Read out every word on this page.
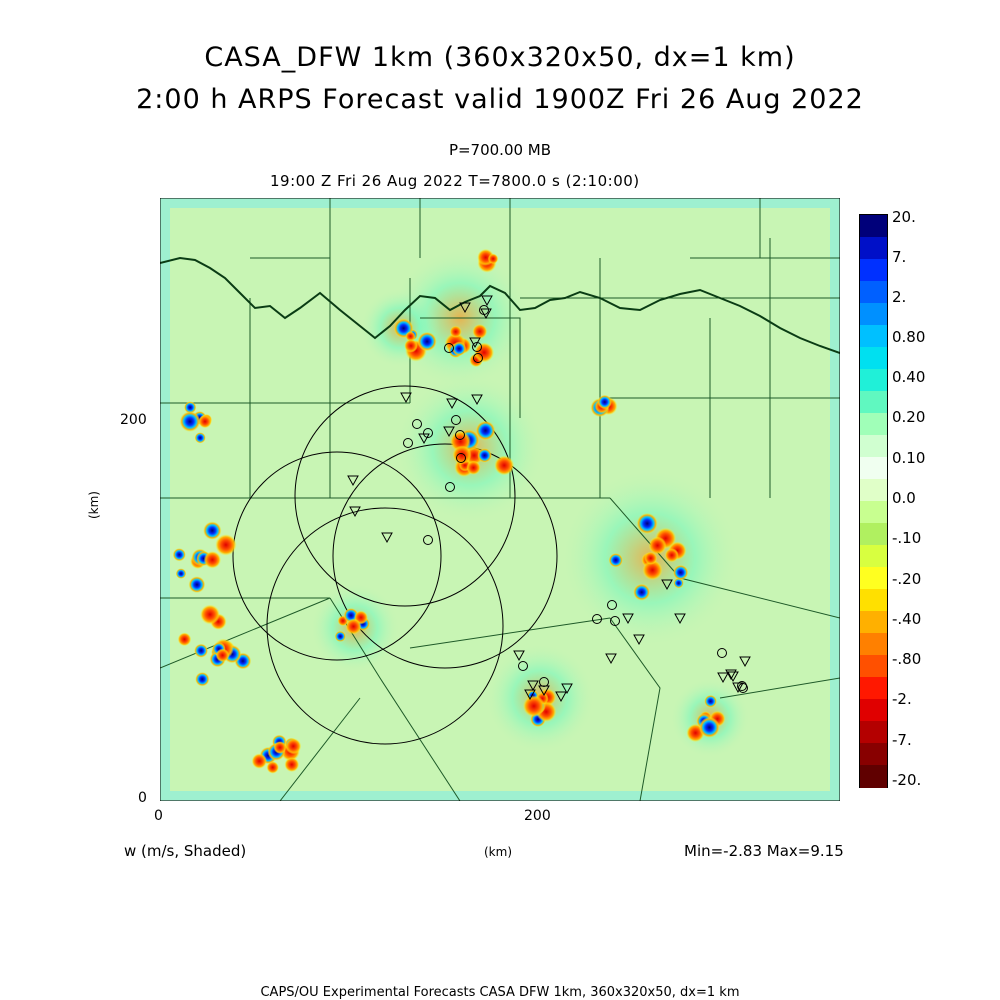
CASA_DFW 1km (360x320x50, dx=1 km)
2:00 h ARPS Forecast valid 1900Z Fri 26 Aug 2022
P=700.00 MB
19:00 Z Fri 26 Aug 2022 T=7800.0 s (2:10:00)
200
0
0	200
(km)
(km)
w (m/s, Shaded)	Min=-2.83 Max=9.15
20.
7.
2.
0.80
0.40
0.20
0.10
0.0
-.10
-.20
-.40
-.80
-2.
-7.
-20.
CAPS/OU Experimental Forecasts CASA DFW 1km, 360x320x50, dx=1 km
